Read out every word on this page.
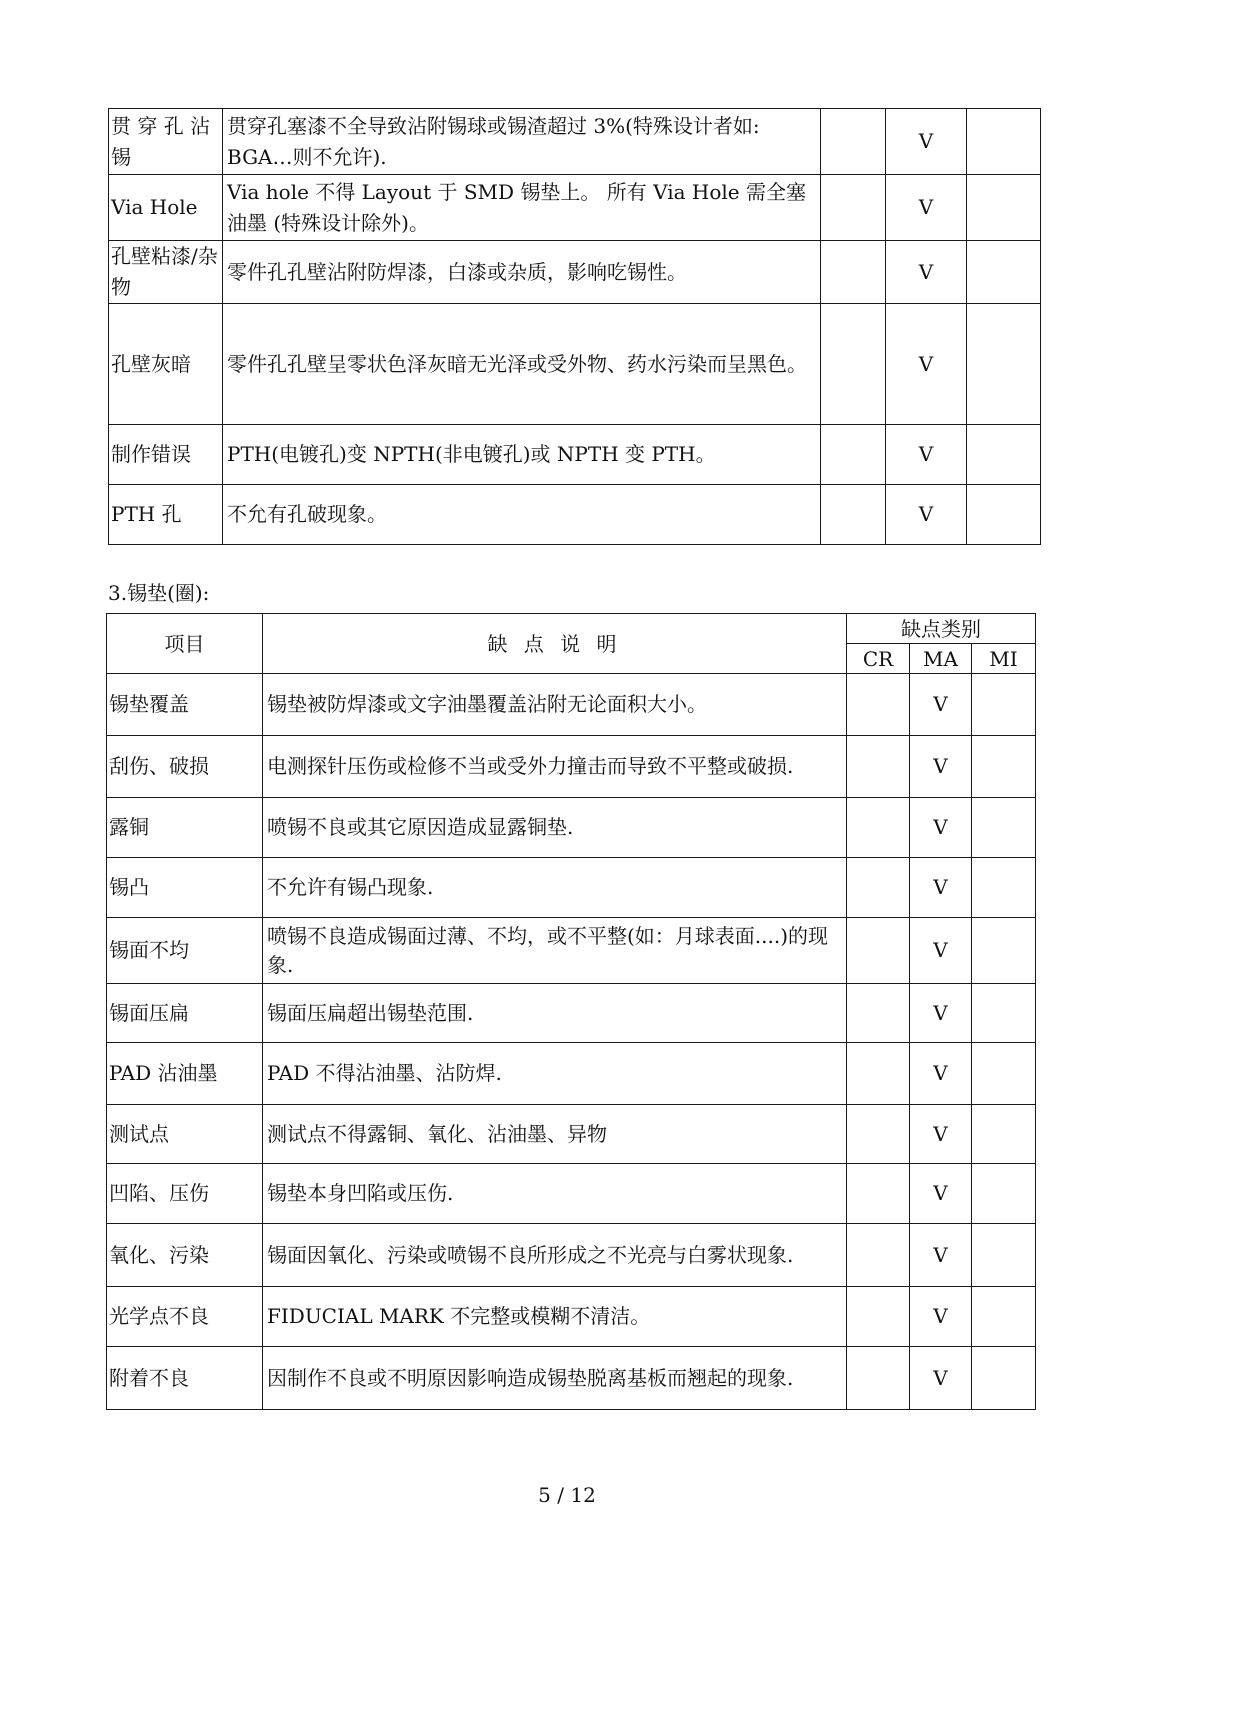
贯 穿 孔 沾 锡	贯穿孔塞漆不全导致沾附锡球或锡渣超过 3%(特殊设计者如: BGA…则不允许).		V	
Via Hole	Via hole 不得 Layout 于 SMD 锡垫上。 所有 Via Hole 需全塞油墨 (特殊设计除外)。		V	
孔壁粘漆/杂物	零件孔孔壁沾附防焊漆，白漆或杂质，影响吃锡性。		V	
孔壁灰暗	零件孔孔壁呈零状色泽灰暗无光泽或受外物、药水污染而呈黑色。		V	
制作错误	PTH(电镀孔)变 NPTH(非电镀孔)或 NPTH 变 PTH。		V	
PTH 孔	不允有孔破现象。		V	
3.锡垫(圈):
项目	缺 点 说 明	缺点类别		
		CR	MA	MI
锡垫覆盖	锡垫被防焊漆或文字油墨覆盖沾附无论面积大小。		V	
刮伤、破损	电测探针压伤或检修不当或受外力撞击而导致不平整或破损.		V	
露铜	喷锡不良或其它原因造成显露铜垫.		V	
锡凸	不允许有锡凸现象.		V	
锡面不均	喷锡不良造成锡面过薄、不均，或不平整(如：月球表面....)的现象.		V	
锡面压扁	锡面压扁超出锡垫范围.		V	
PAD 沾油墨	PAD 不得沾油墨、沾防焊.		V	
测试点	测试点不得露铜、氧化、沾油墨、异物		V	
凹陷、压伤	锡垫本身凹陷或压伤.		V	
氧化、污染	锡面因氧化、污染或喷锡不良所形成之不光亮与白雾状现象.		V	
光学点不良	FIDUCIAL MARK 不完整或模糊不清洁。		V	
附着不良	因制作不良或不明原因影响造成锡垫脱离基板而翘起的现象.		V	
5 / 12
